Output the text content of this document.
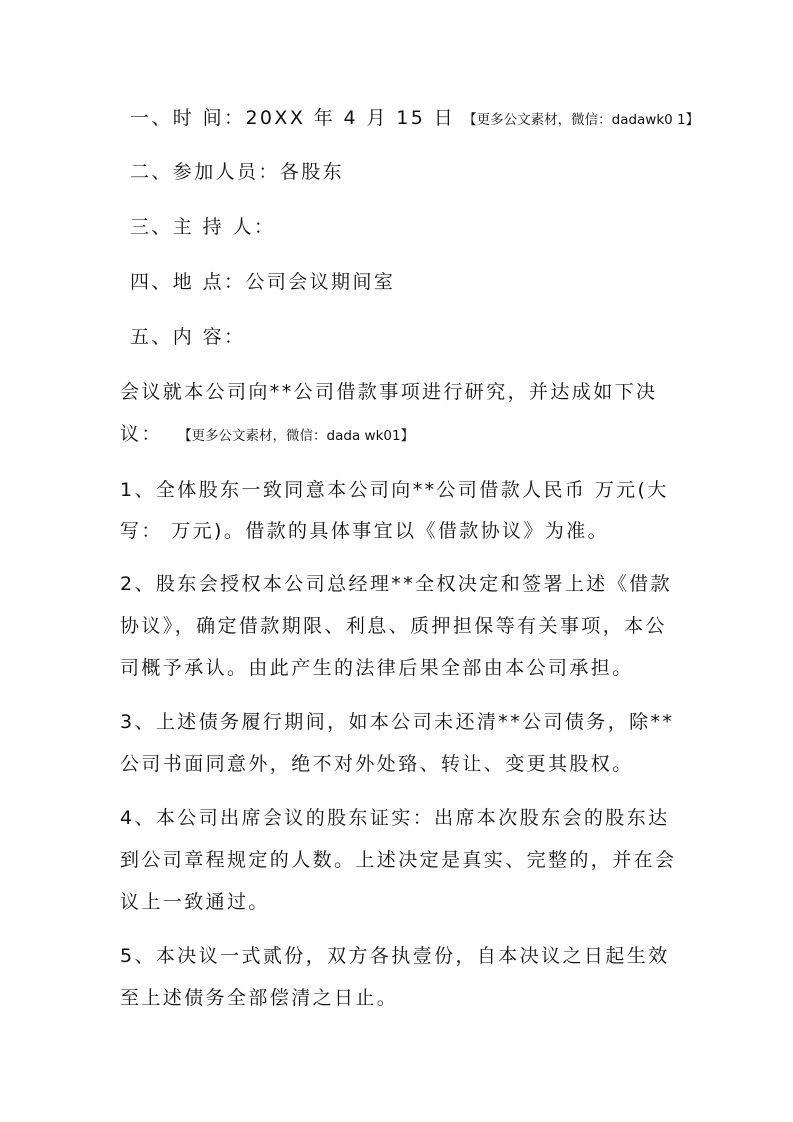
一、时 间：20XX 年 4 月 15 日 【更多公文素材，微信：dadawk0 1】
二、参加人员：各股东
三、主 持 人：
四、地 点：公司会议期间室
五、内 容：
会议就本公司向**公司借款事项进行研究，并达成如下决
议： 【更多公文素材，微信：dada wk01】
1、全体股东一致同意本公司向**公司借款人民币 万元(大
写： 万元)。借款的具体事宜以《借款协议》为准。
2、股东会授权本公司总经理**全权决定和签署上述《借款
协议》，确定借款期限、利息、质押担保等有关事项，本公
司概予承认。由此产生的法律后果全部由本公司承担。
3、上述债务履行期间，如本公司未还清**公司债务，除**
公司书面同意外，绝不对外处臵、转让、变更其股权。
4、本公司出席会议的股东证实：出席本次股东会的股东达
到公司章程规定的人数。上述决定是真实、完整的，并在会
议上一致通过。
5、本决议一式贰份，双方各执壹份，自本决议之日起生效
至上述债务全部偿清之日止。
